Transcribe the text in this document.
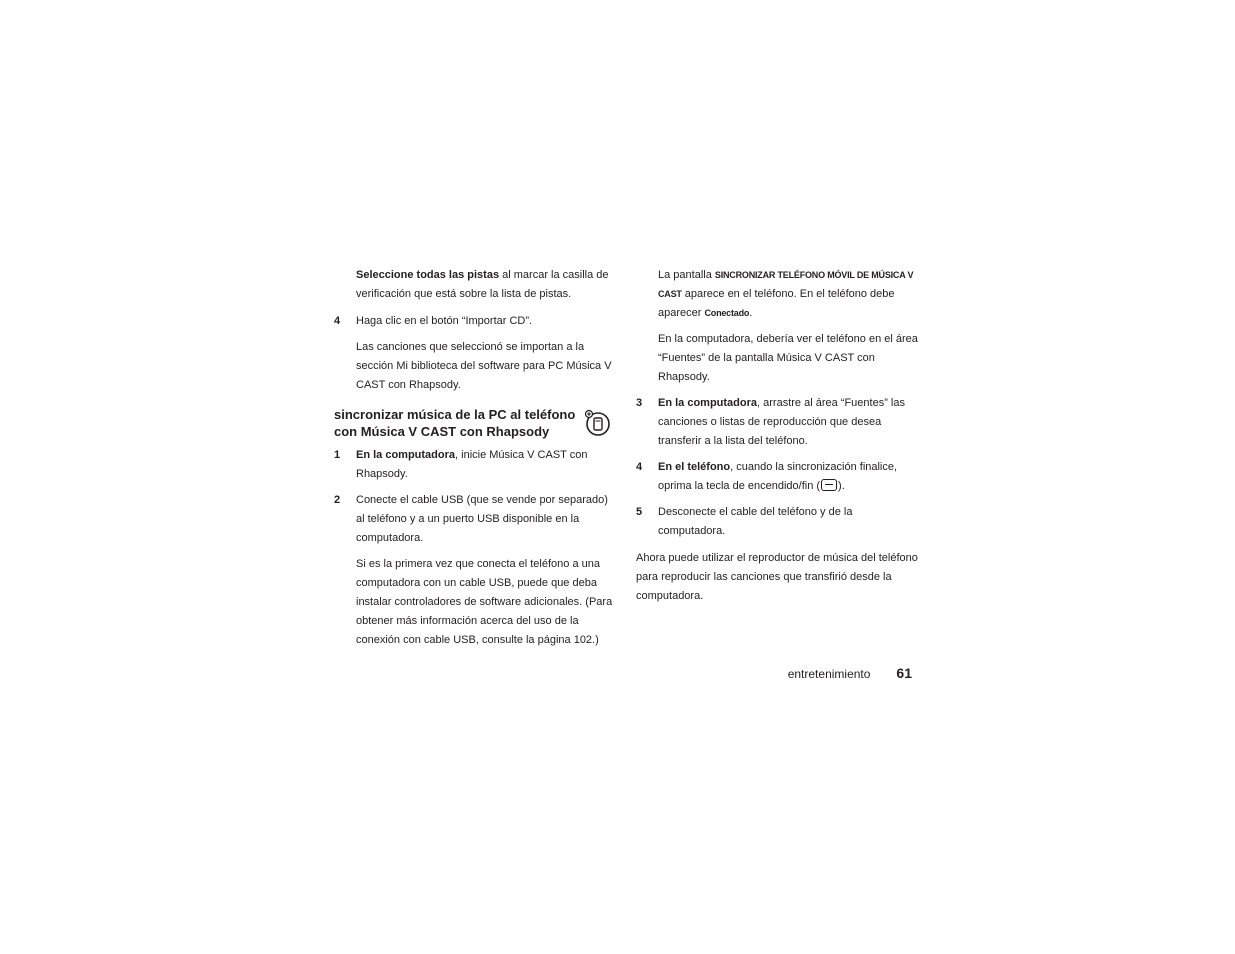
Seleccione todas las pistas al marcar la casilla de verificación que está sobre la lista de pistas.

4 Haga clic en el botón “Importar CD”.

Las canciones que seleccionó se importan a la sección Mi biblioteca del software para PC Música V CAST con Rhapsody.

sincronizar música de la PC al teléfono con Música V CAST con Rhapsody

1 En la computadora, inicie Música V CAST con Rhapsody.

2 Conecte el cable USB (que se vende por separado) al teléfono y a un puerto USB disponible en la computadora.

Si es la primera vez que conecta el teléfono a una computadora con un cable USB, puede que deba instalar controladores de software adicionales. (Para obtener más información acerca del uso de la conexión con cable USB, consulte la página 102.)

La pantalla SINCRONIZAR TELÉFONO MÓVIL DE MÚSICA V CAST aparece en el teléfono. En el teléfono debe aparecer Conectado.

En la computadora, debería ver el teléfono en el área “Fuentes” de la pantalla Música V CAST con Rhapsody.

3 En la computadora, arrastre al área “Fuentes” las canciones o listas de reproducción que desea transferir a la lista del teléfono.

4 En el teléfono, cuando la sincronización finalice, oprima la tecla de encendido/fin ( ).

5 Desconecte el cable del teléfono y de la computadora.

Ahora puede utilizar el reproductor de música del teléfono para reproducir las canciones que transfirió desde la computadora.

entretenimiento 61
